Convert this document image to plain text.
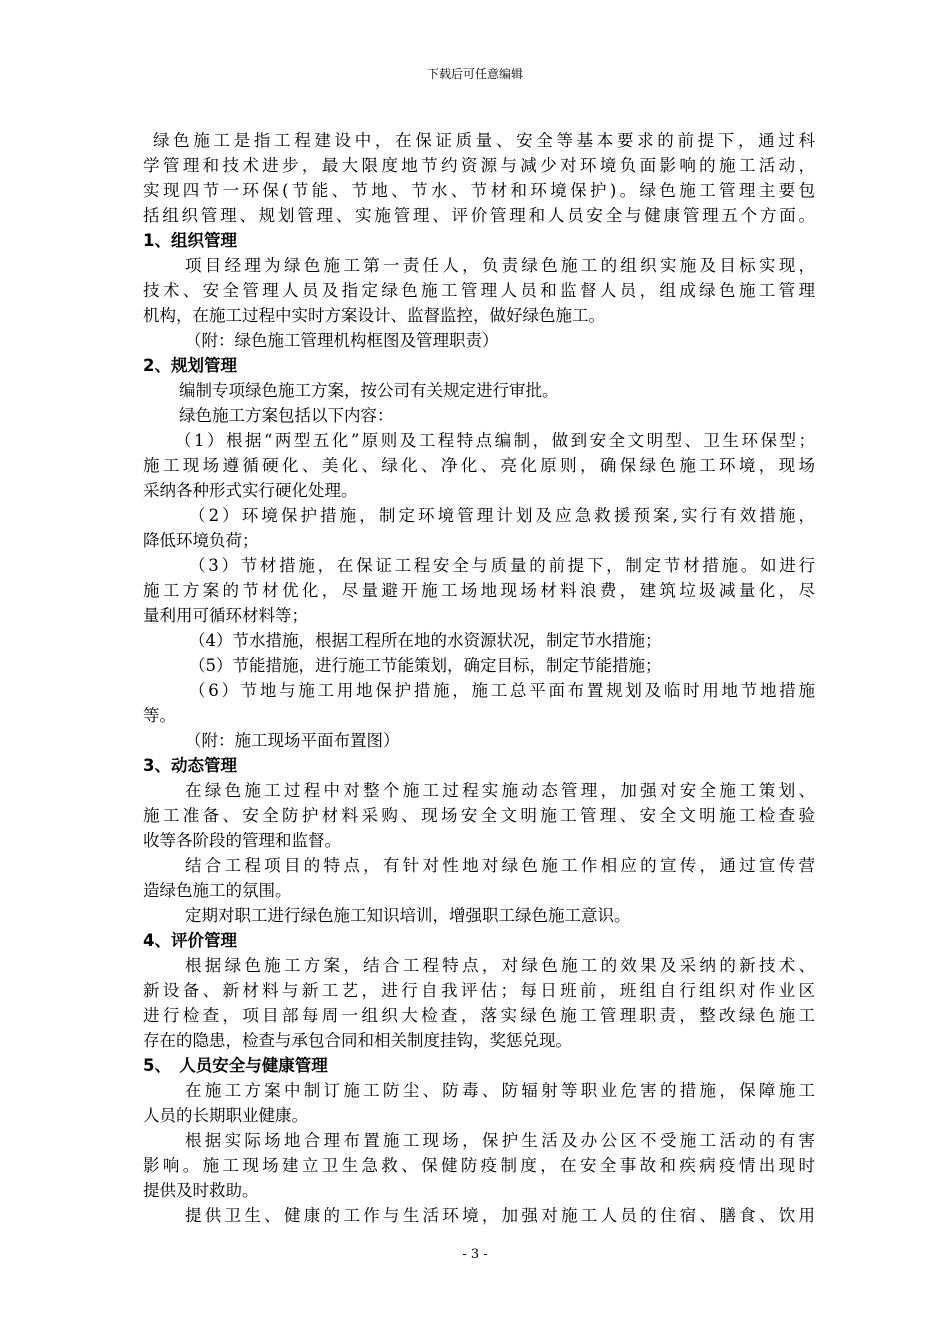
下载后可任意编辑
绿色施工是指工程建设中，在保证质量、安全等基本要求的前提下，通过科
学管理和技术进步，最大限度地节约资源与减少对环境负面影响的施工活动，
实现四节一环保(节能、节地、节水、节材和环境保护)。绿色施工管理主要包
括组织管理、规划管理、实施管理、评价管理和人员安全与健康管理五个方面。
1、组织管理
项目经理为绿色施工第一责任人，负责绿色施工的组织实施及目标实现，
技术、安全管理人员及指定绿色施工管理人员和监督人员，组成绿色施工管理
机构，在施工过程中实时方案设计、监督监控，做好绿色施工。
（附：绿色施工管理机构框图及管理职责）
2、规划管理
编制专项绿色施工方案，按公司有关规定进行审批。
绿色施工方案包括以下内容：
（1）根据“两型五化”原则及工程特点编制，做到安全文明型、卫生环保型；
施工现场遵循硬化、美化、绿化、净化、亮化原则，确保绿色施工环境，现场
采纳各种形式实行硬化处理。
（2）环境保护措施，制定环境管理计划及应急救援预案,实行有效措施，
降低环境负荷；
（3）节材措施，在保证工程安全与质量的前提下，制定节材措施。如进行
施工方案的节材优化，尽量避开施工场地现场材料浪费，建筑垃圾减量化，尽
量利用可循环材料等；
（4）节水措施，根据工程所在地的水资源状况，制定节水措施；
（5）节能措施，进行施工节能策划，确定目标，制定节能措施；
（6）节地与施工用地保护措施，施工总平面布置规划及临时用地节地措施
等。
（附：施工现场平面布置图）
3、动态管理
在绿色施工过程中对整个施工过程实施动态管理，加强对安全施工策划、
施工准备、安全防护材料采购、现场安全文明施工管理、安全文明施工检查验
收等各阶段的管理和监督。
结合工程项目的特点，有针对性地对绿色施工作相应的宣传，通过宣传营
造绿色施工的氛围。
定期对职工进行绿色施工知识培训，增强职工绿色施工意识。
4、评价管理
根据绿色施工方案，结合工程特点，对绿色施工的效果及采纳的新技术、
新设备、新材料与新工艺，进行自我评估；每日班前，班组自行组织对作业区
进行检查，项目部每周一组织大检查，落实绿色施工管理职责，整改绿色施工
存在的隐患，检查与承包合同和相关制度挂钩，奖惩兑现。
5、　人员安全与健康管理
在施工方案中制订施工防尘、防毒、防辐射等职业危害的措施，保障施工
人员的长期职业健康。
根据实际场地合理布置施工现场，保护生活及办公区不受施工活动的有害
影响。施工现场建立卫生急救、保健防疫制度，在安全事故和疾病疫情出现时
提供及时救助。
提供卫生、健康的工作与生活环境，加强对施工人员的住宿、膳食、饮用
- 3 -
